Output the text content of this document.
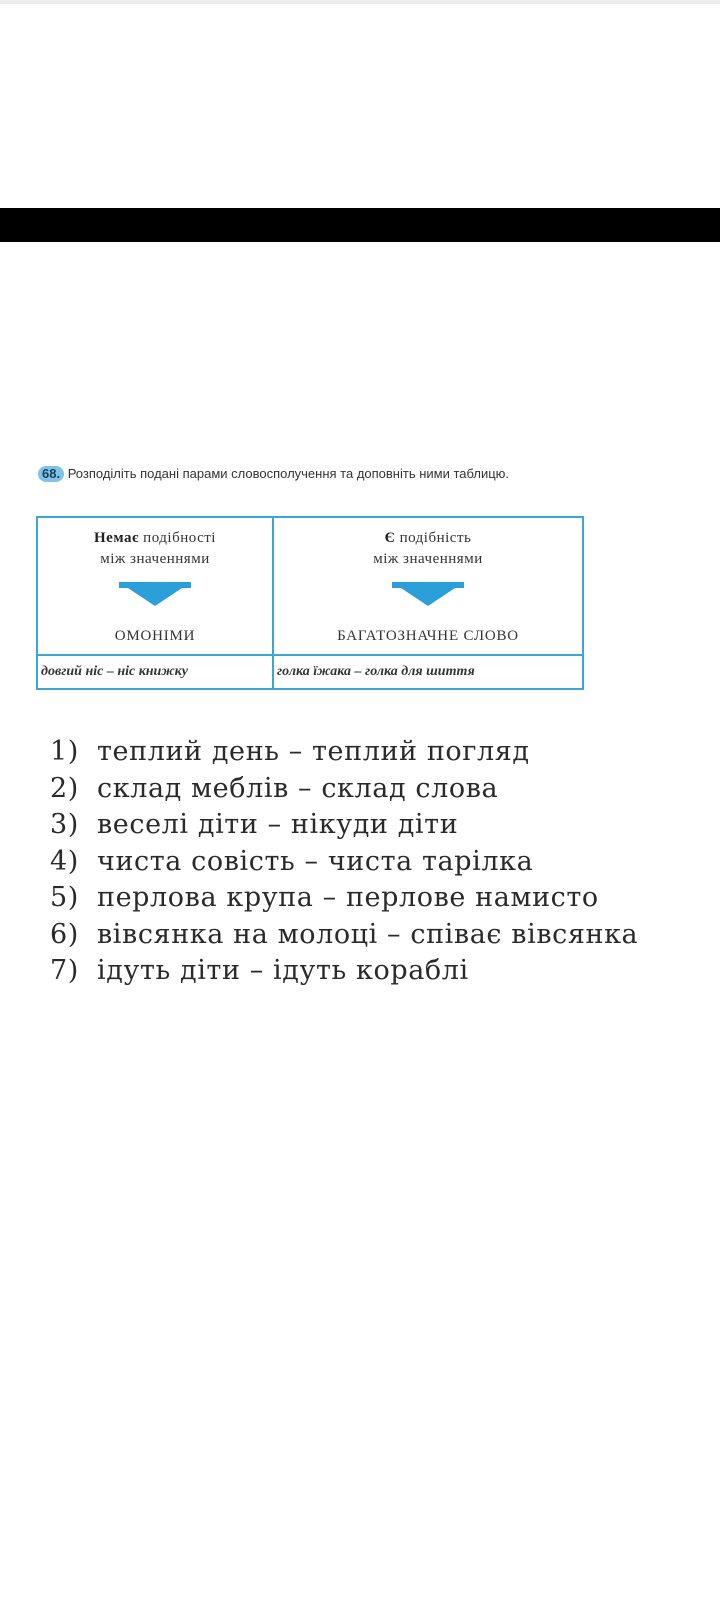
68. Розподіліть подані парами словосполучення та доповніть ними таблицю.
Немає подібності
між значеннями
ОМОНІМИ
Є подібність
між значеннями
БАГАТОЗНАЧНЕ СЛОВО
довгий ніс – ніс книжку	голка їжака – голка для шиття
1) теплий день – теплий погляд
2) склад меблів – склад слова
3) веселі діти – нікуди діти
4) чиста совість – чиста тарілка
5) перлова крупа – перлове намисто
6) вівсянка на молоці – співає вівсянка
7) ідуть діти – ідуть кораблі
